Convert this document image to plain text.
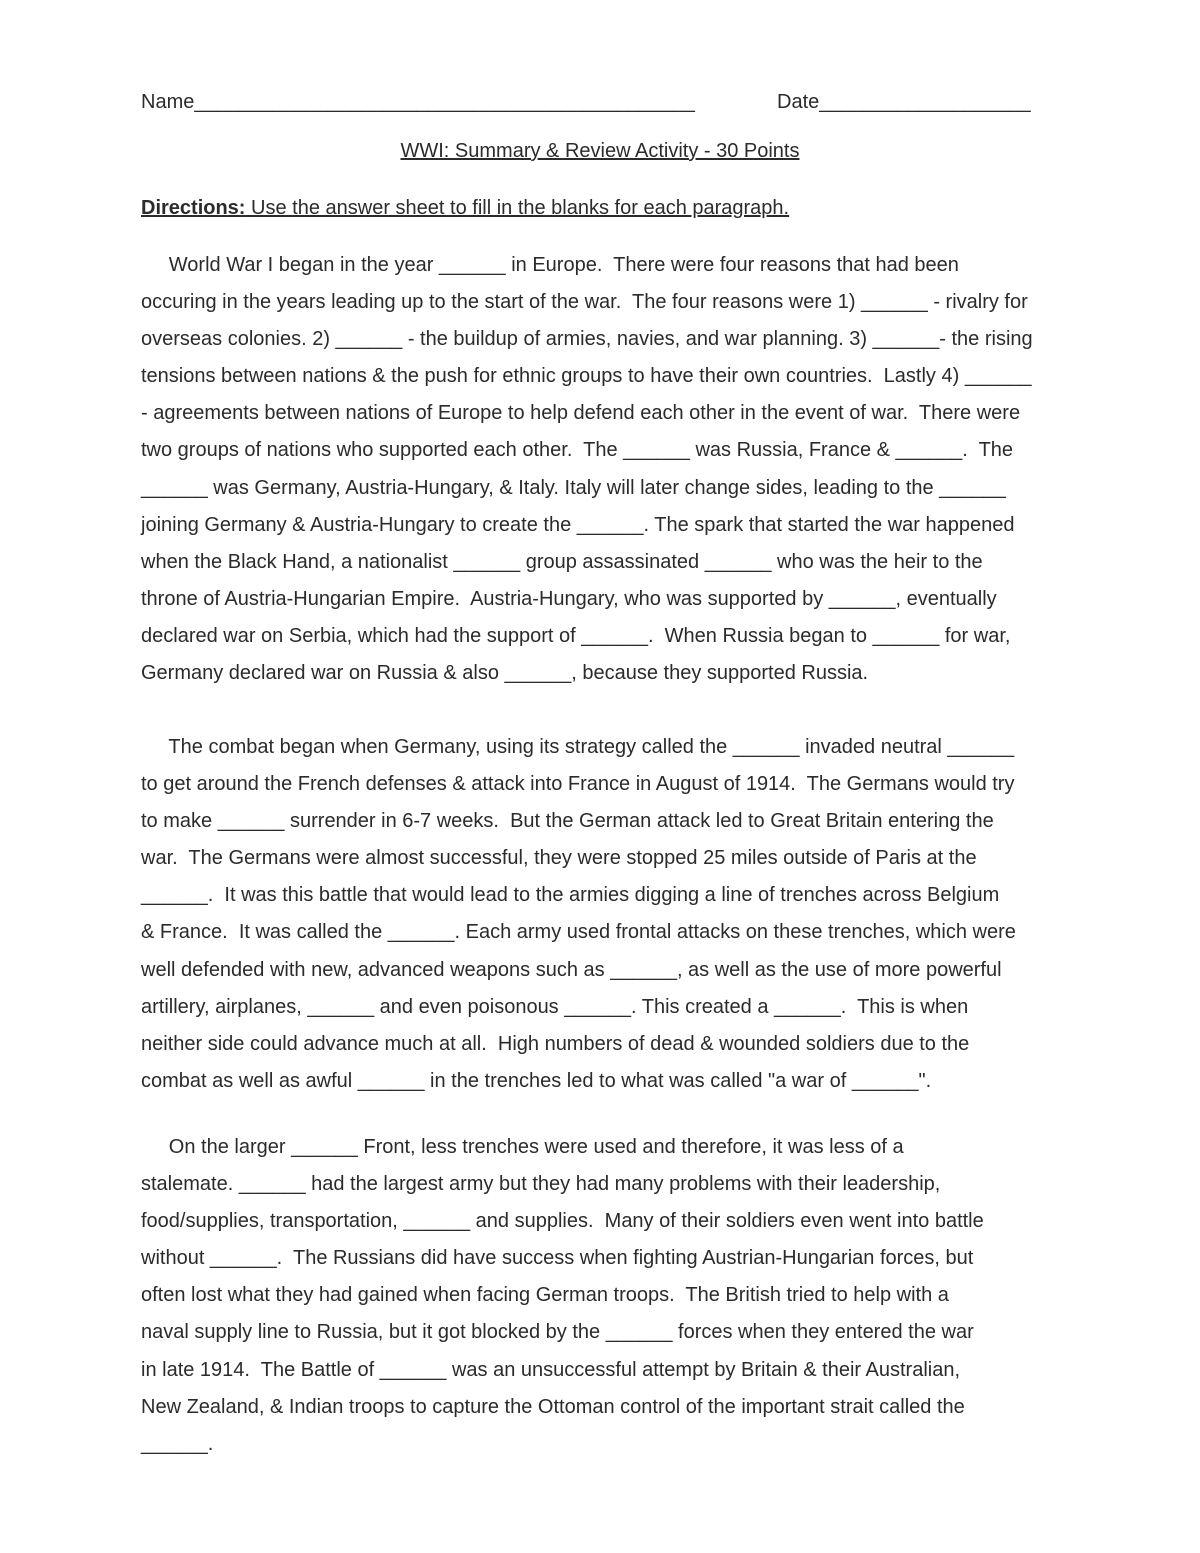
Name_____________________________________________	Date___________________
WWI: Summary & Review Activity - 30 Points
Directions: Use the answer sheet to fill in the blanks for each paragraph.
World War I began in the year ______ in Europe.  There were four reasons that had been
occuring in the years leading up to the start of the war.  The four reasons were 1) ______ - rivalry for
overseas colonies. 2) ______ - the buildup of armies, navies, and war planning. 3) ______- the rising
tensions between nations & the push for ethnic groups to have their own countries.  Lastly 4) ______
- agreements between nations of Europe to help defend each other in the event of war.  There were
two groups of nations who supported each other.  The ______ was Russia, France & ______.  The
______ was Germany, Austria-Hungary, & Italy. Italy will later change sides, leading to the ______
joining Germany & Austria-Hungary to create the ______. The spark that started the war happened
when the Black Hand, a nationalist ______ group assassinated ______ who was the heir to the
throne of Austria-Hungarian Empire.  Austria-Hungary, who was supported by ______, eventually
declared war on Serbia, which had the support of ______.  When Russia began to ______ for war,
Germany declared war on Russia & also ______, because they supported Russia.
The combat began when Germany, using its strategy called the ______ invaded neutral ______
to get around the French defenses & attack into France in August of 1914.  The Germans would try
to make ______ surrender in 6-7 weeks.  But the German attack led to Great Britain entering the
war.  The Germans were almost successful, they were stopped 25 miles outside of Paris at the
______.  It was this battle that would lead to the armies digging a line of trenches across Belgium
& France.  It was called the ______. Each army used frontal attacks on these trenches, which were
well defended with new, advanced weapons such as ______, as well as the use of more powerful
artillery, airplanes, ______ and even poisonous ______. This created a ______.  This is when
neither side could advance much at all.  High numbers of dead & wounded soldiers due to the
combat as well as awful ______ in the trenches led to what was called "a war of ______".
On the larger ______ Front, less trenches were used and therefore, it was less of a
stalemate. ______ had the largest army but they had many problems with their leadership,
food/supplies, transportation, ______ and supplies.  Many of their soldiers even went into battle
without ______.  The Russians did have success when fighting Austrian-Hungarian forces, but
often lost what they had gained when facing German troops.  The British tried to help with a
naval supply line to Russia, but it got blocked by the ______ forces when they entered the war
in late 1914.  The Battle of ______ was an unsuccessful attempt by Britain & their Australian,
New Zealand, & Indian troops to capture the Ottoman control of the important strait called the
______.
